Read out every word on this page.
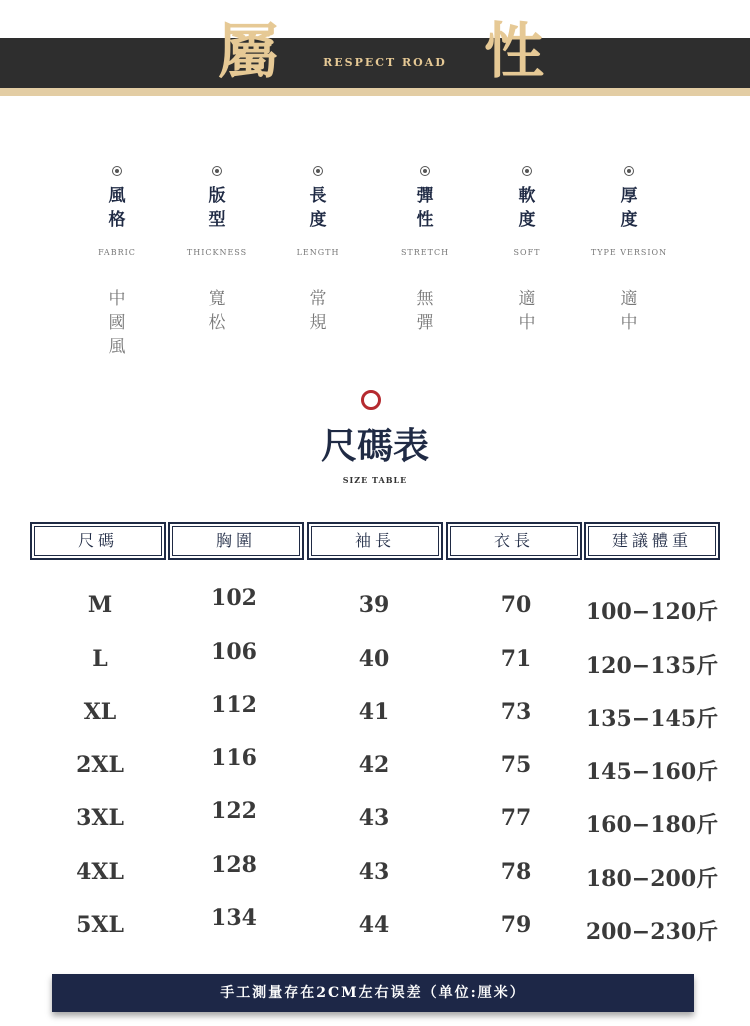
屬	RESPECT ROAD 性
風
格
FABRIC
中
國
風
版
型
THICKNESS
寬
松
長
度
LENGTH
常
規
彈
性
STRETCH
無
彈
軟
度
SOFT
適
中
厚
度
TYPE VERSION
適
中
尺碼表
SIZE TABLE
尺碼	胸圍	袖長	衣長	建議體重
M	102	39	70	100−120斤
L	106	40	71	120−135斤
XL	112	41	73	135−145斤
2XL	116	42	75	145−160斤
3XL	122	43	77	160−180斤
4XL	128	43	78	180−200斤
5XL	134	44	79	200−230斤
手工測量存在2CM左右误差（单位:厘米）
